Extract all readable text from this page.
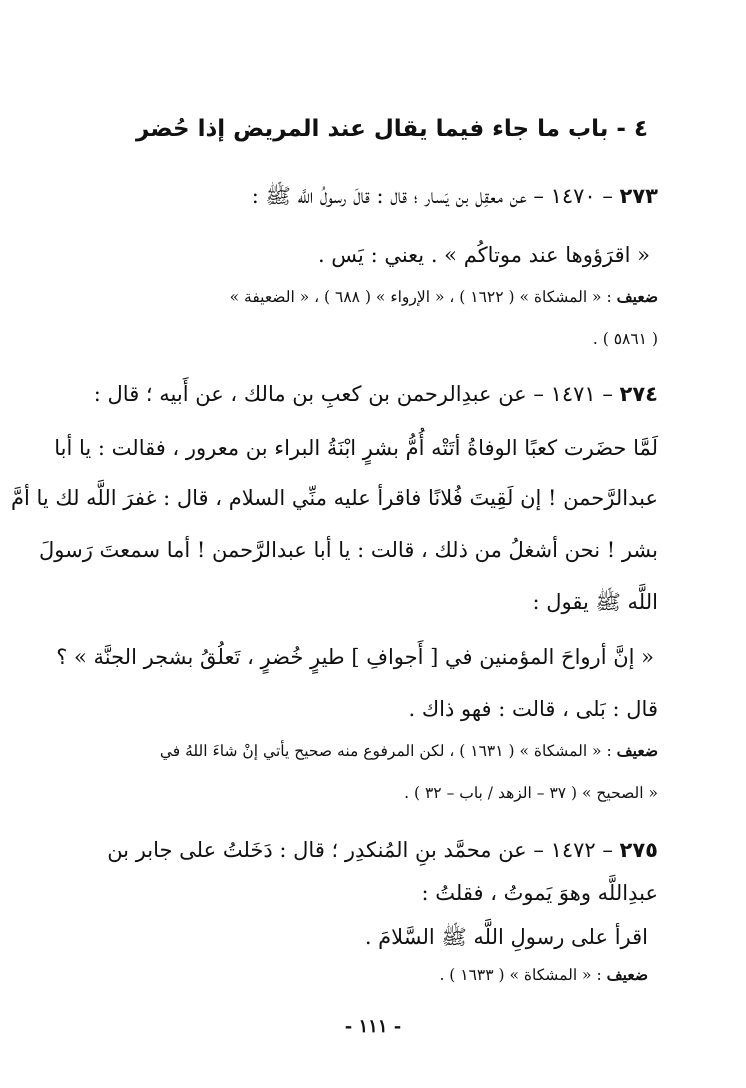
٤ - باب ما جاء فيما يقال عند المريض إذا حُضر
٢٧٣ – ١٤٧٠ – عن معقِل بن يَسار ؛ قال : قالَ رسولُ اللَّه ﷺ :
« اقرَؤوها عند موتاكُم » . يعني : يَس .
ضعيف : « المشكاة » ( ١٦٢٢ ) ، « الإرواء » ( ٦٨٨ ) ، « الضعيفة »
( ٥٨٦١ ) .
٢٧٤ – ١٤٧١ – عن عبدِالرحمن بن كعبِ بن مالك ، عن أَبيه ؛ قال :
لَمَّا حضَرت كعبًا الوفاةُ أتَتْه أُمُّ بشرٍ ابْنَةُ البراء بن معرور ، فقالت : يا أبا
عبدالرَّحمن ! إن لَقِيتَ فُلانًا فاقرأ عليه منِّي السلام ، قال : غفرَ اللَّه لك يا أمَّ
بشر ! نحن أشغلُ من ذلك ، قالت : يا أبا عبدالرَّحمن ! أما سمعتَ رَسولَ
اللَّه ﷺ يقول :
« إنَّ أرواحَ المؤمنين في [ أَجوافِ ] طيرٍ خُضرٍ ، تَعلُقُ بشجر الجنَّة » ؟
قال : بَلى ، قالت : فهو ذاك .
ضعيف : « المشكاة » ( ١٦٣١ ) ، لكن المرفوع منه صحيح يأتي إنْ شاءَ اللهُ في
« الصحيح » ( ٣٧ – الزهد / باب – ٣٢ ) .
٢٧٥ – ١٤٧٢ – عن محمَّد بنِ المُنكدِر ؛ قال : دَخَلتُ على جابر بن
عبدِاللَّه وهوَ يَموتُ ، فقلتُ :
اقرأ على رسولِ اللَّه ﷺ السَّلامَ .
ضعيف : « المشكاة » ( ١٦٣٣ ) .
- ١١١ -
